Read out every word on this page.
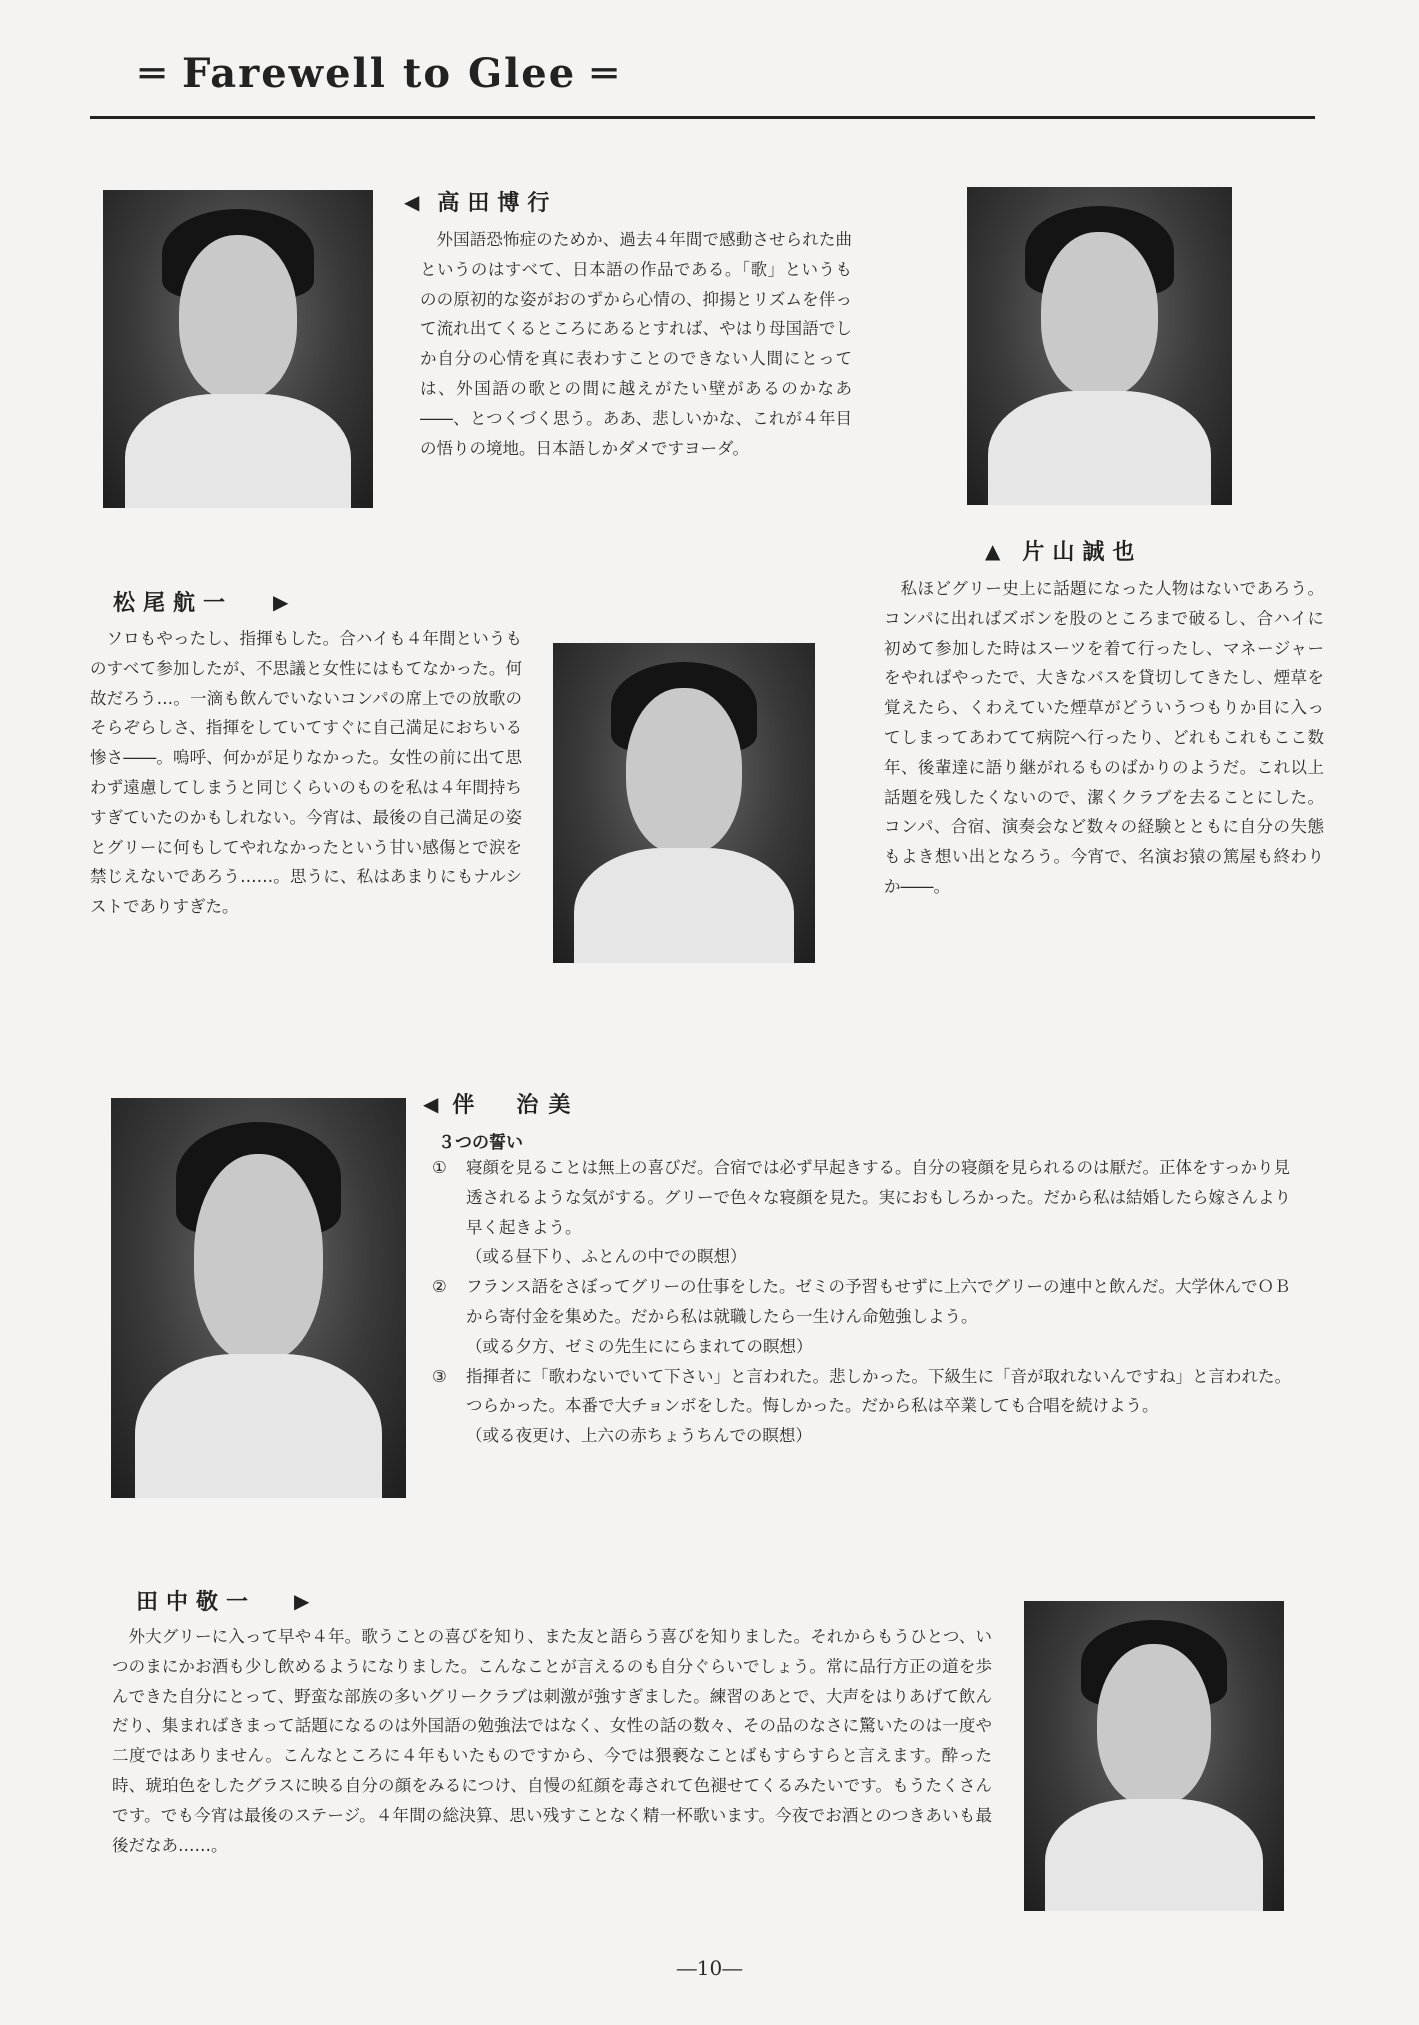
═ Farewell to Glee ═
◀ 高田博行

外国語恐怖症のためか、過去４年間で感動させられた曲というのはすべて、日本語の作品である。「歌」というものの原初的な姿がおのずから心情の、抑揚とリズムを伴って流れ出てくるところにあるとすれば、やはり母国語でしか自分の心情を真に表わすことのできない人間にとっては、外国語の歌との間に越えがたい壁があるのかなあ――、とつくづく思う。ああ、悲しいかな、これが４年目の悟りの境地。日本語しかダメですヨーダ。

▲ 片山誠也

私ほどグリー史上に話題になった人物はないであろう。コンパに出ればズボンを股のところまで破るし、合ハイに初めて参加した時はスーツを着て行ったし、マネージャーをやればやったで、大きなバスを貸切してきたし、煙草を覚えたら、くわえていた煙草がどういうつもりか目に入ってしまってあわてて病院へ行ったり、どれもこれもここ数年、後輩達に語り継がれるものばかりのようだ。これ以上話題を残したくないので、潔くクラブを去ることにした。コンパ、合宿、演奏会など数々の経験とともに自分の失態もよき想い出となろう。今宵で、名演お猿の篤屋も終わりか――。

松尾航一 ▶

ソロもやったし、指揮もした。合ハイも４年間というものすべて参加したが、不思議と女性にはもてなかった。何故だろう…。一滴も飲んでいないコンパの席上での放歌のそらぞらしさ、指揮をしていてすぐに自己満足におちいる惨さ――。嗚呼、何かが足りなかった。女性の前に出て思わず遠慮してしまうと同じくらいのものを私は４年間持ちすぎていたのかもしれない。今宵は、最後の自己満足の姿とグリーに何もしてやれなかったという甘い感傷とで涙を禁じえないであろう……。思うに、私はあまりにもナルシストでありすぎた。

◀ 伴　治美
３つの誓い
①	寝顔を見ることは無上の喜びだ。合宿では必ず早起きする。自分の寝顔を見られるのは厭だ。正体をすっかり見透されるような気がする。グリーで色々な寝顔を見た。実におもしろかった。だから私は結婚したら嫁さんより早く起きよう。
（或る昼下り、ふとんの中での瞑想）
②	フランス語をさぼってグリーの仕事をした。ゼミの予習もせずに上六でグリーの連中と飲んだ。大学休んでＯＢから寄付金を集めた。だから私は就職したら一生けん命勉強しよう。
（或る夕方、ゼミの先生ににらまれての瞑想）
③	指揮者に「歌わないでいて下さい」と言われた。悲しかった。下級生に「音が取れないんですね」と言われた。つらかった。本番で大チョンボをした。悔しかった。だから私は卒業しても合唱を続けよう。
（或る夜更け、上六の赤ちょうちんでの瞑想）
田中敬一 ▶

外大グリーに入って早や４年。歌うことの喜びを知り、また友と語らう喜びを知りました。それからもうひとつ、いつのまにかお酒も少し飲めるようになりました。こんなことが言えるのも自分ぐらいでしょう。常に品行方正の道を歩んできた自分にとって、野蛮な部族の多いグリークラブは刺激が強すぎました。練習のあとで、大声をはりあげて飲んだり、集まればきまって話題になるのは外国語の勉強法ではなく、女性の話の数々、その品のなさに驚いたのは一度や二度ではありません。こんなところに４年もいたものですから、今では猥褻なことばもすらすらと言えます。酔った時、琥珀色をしたグラスに映る自分の顔をみるにつけ、自慢の紅顔を毒されて色褪せてくるみたいです。もうたくさんです。でも今宵は最後のステージ。４年間の総決算、思い残すことなく精一杯歌います。今夜でお酒とのつきあいも最後だなあ……。

―10―
